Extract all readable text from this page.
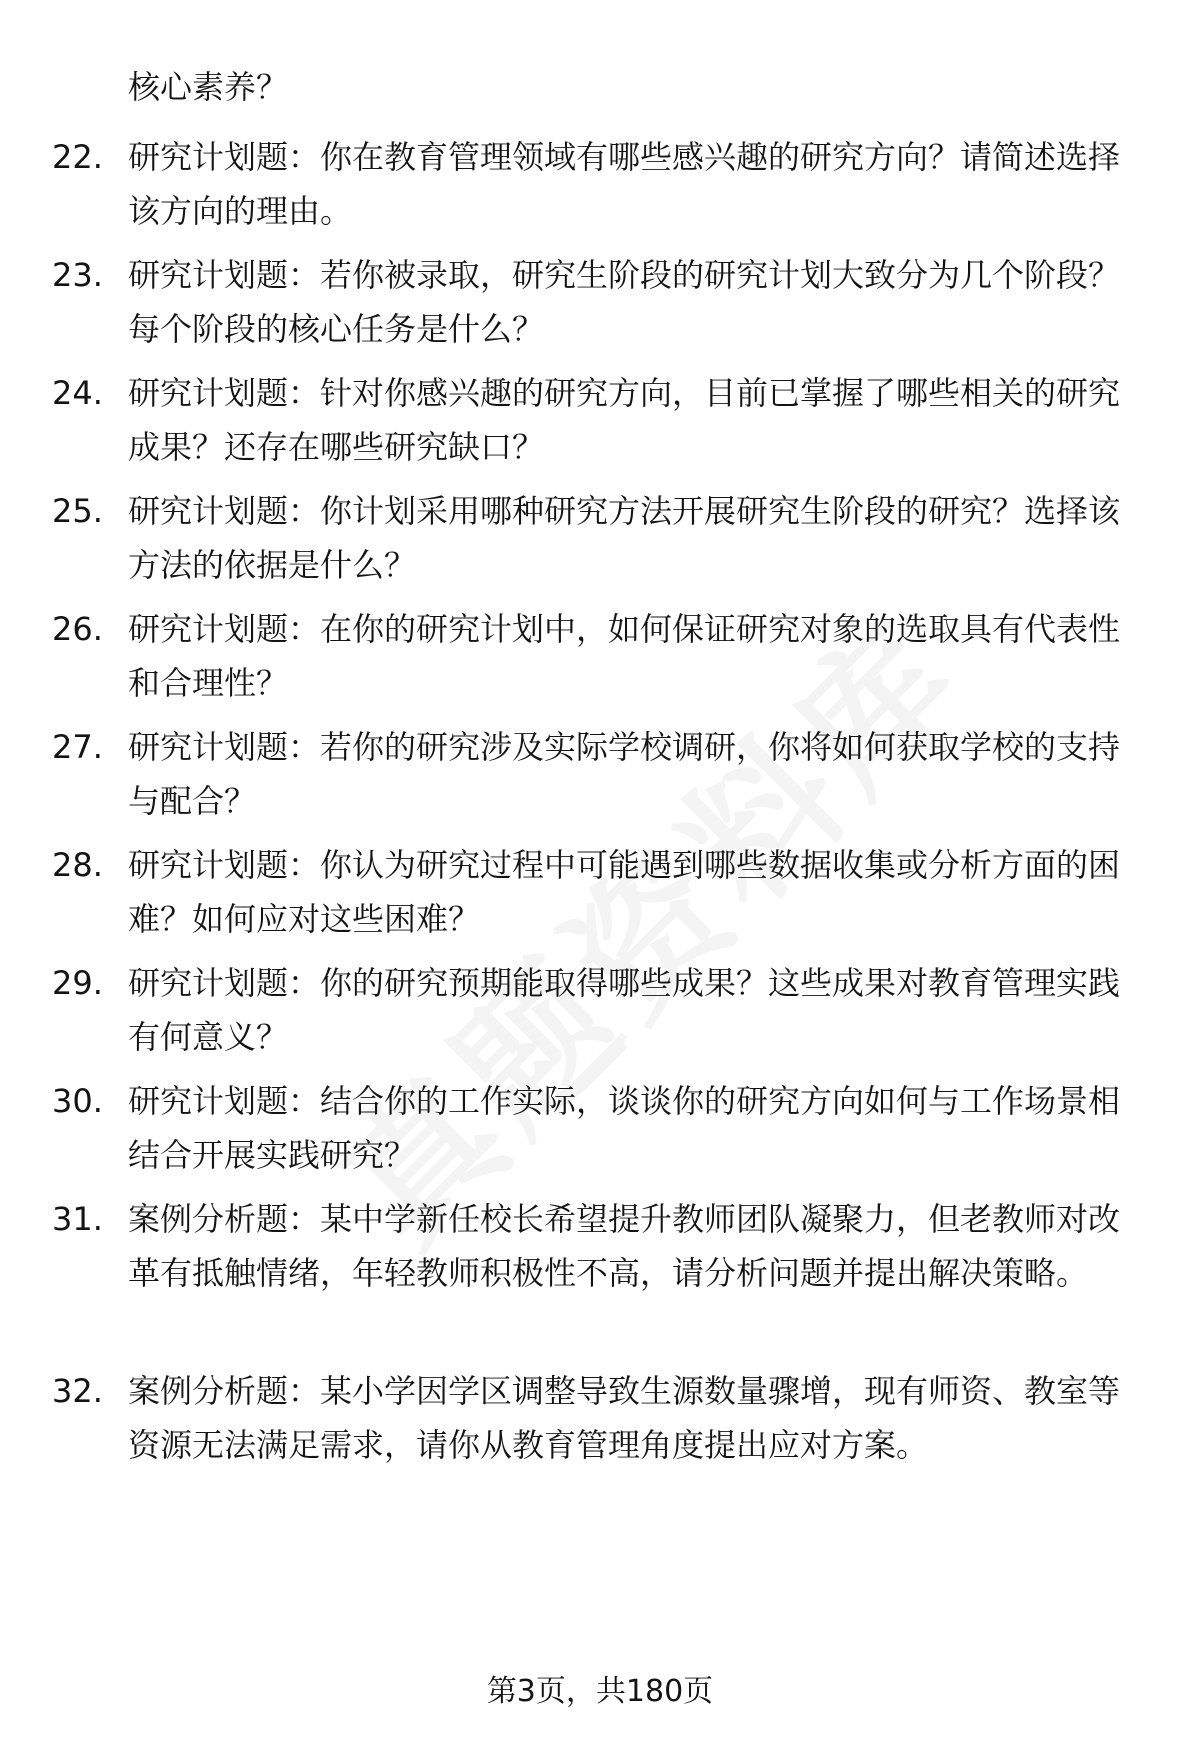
核心素养？
22. 研究计划题：你在教育管理领域有哪些感兴趣的研究方向？请简述选择该方向的理由。
23. 研究计划题：若你被录取，研究生阶段的研究计划大致分为几个阶段？每个阶段的核心任务是什么？
24. 研究计划题：针对你感兴趣的研究方向，目前已掌握了哪些相关的研究成果？还存在哪些研究缺口？
25. 研究计划题：你计划采用哪种研究方法开展研究生阶段的研究？选择该方法的依据是什么？
26. 研究计划题：在你的研究计划中，如何保证研究对象的选取具有代表性和合理性？
27. 研究计划题：若你的研究涉及实际学校调研，你将如何获取学校的支持与配合？
28. 研究计划题：你认为研究过程中可能遇到哪些数据收集或分析方面的困难？如何应对这些困难？
29. 研究计划题：你的研究预期能取得哪些成果？这些成果对教育管理实践有何意义？
30. 研究计划题：结合你的工作实际，谈谈你的研究方向如何与工作场景相结合开展实践研究？
31. 案例分析题：某中学新任校长希望提升教师团队凝聚力，但老教师对改革有抵触情绪，年轻教师积极性不高，请分析问题并提出解决策略。
32. 案例分析题：某小学因学区调整导致生源数量骤增，现有师资、教室等资源无法满足需求，请你从教育管理角度提出应对方案。
第3页，共180页
